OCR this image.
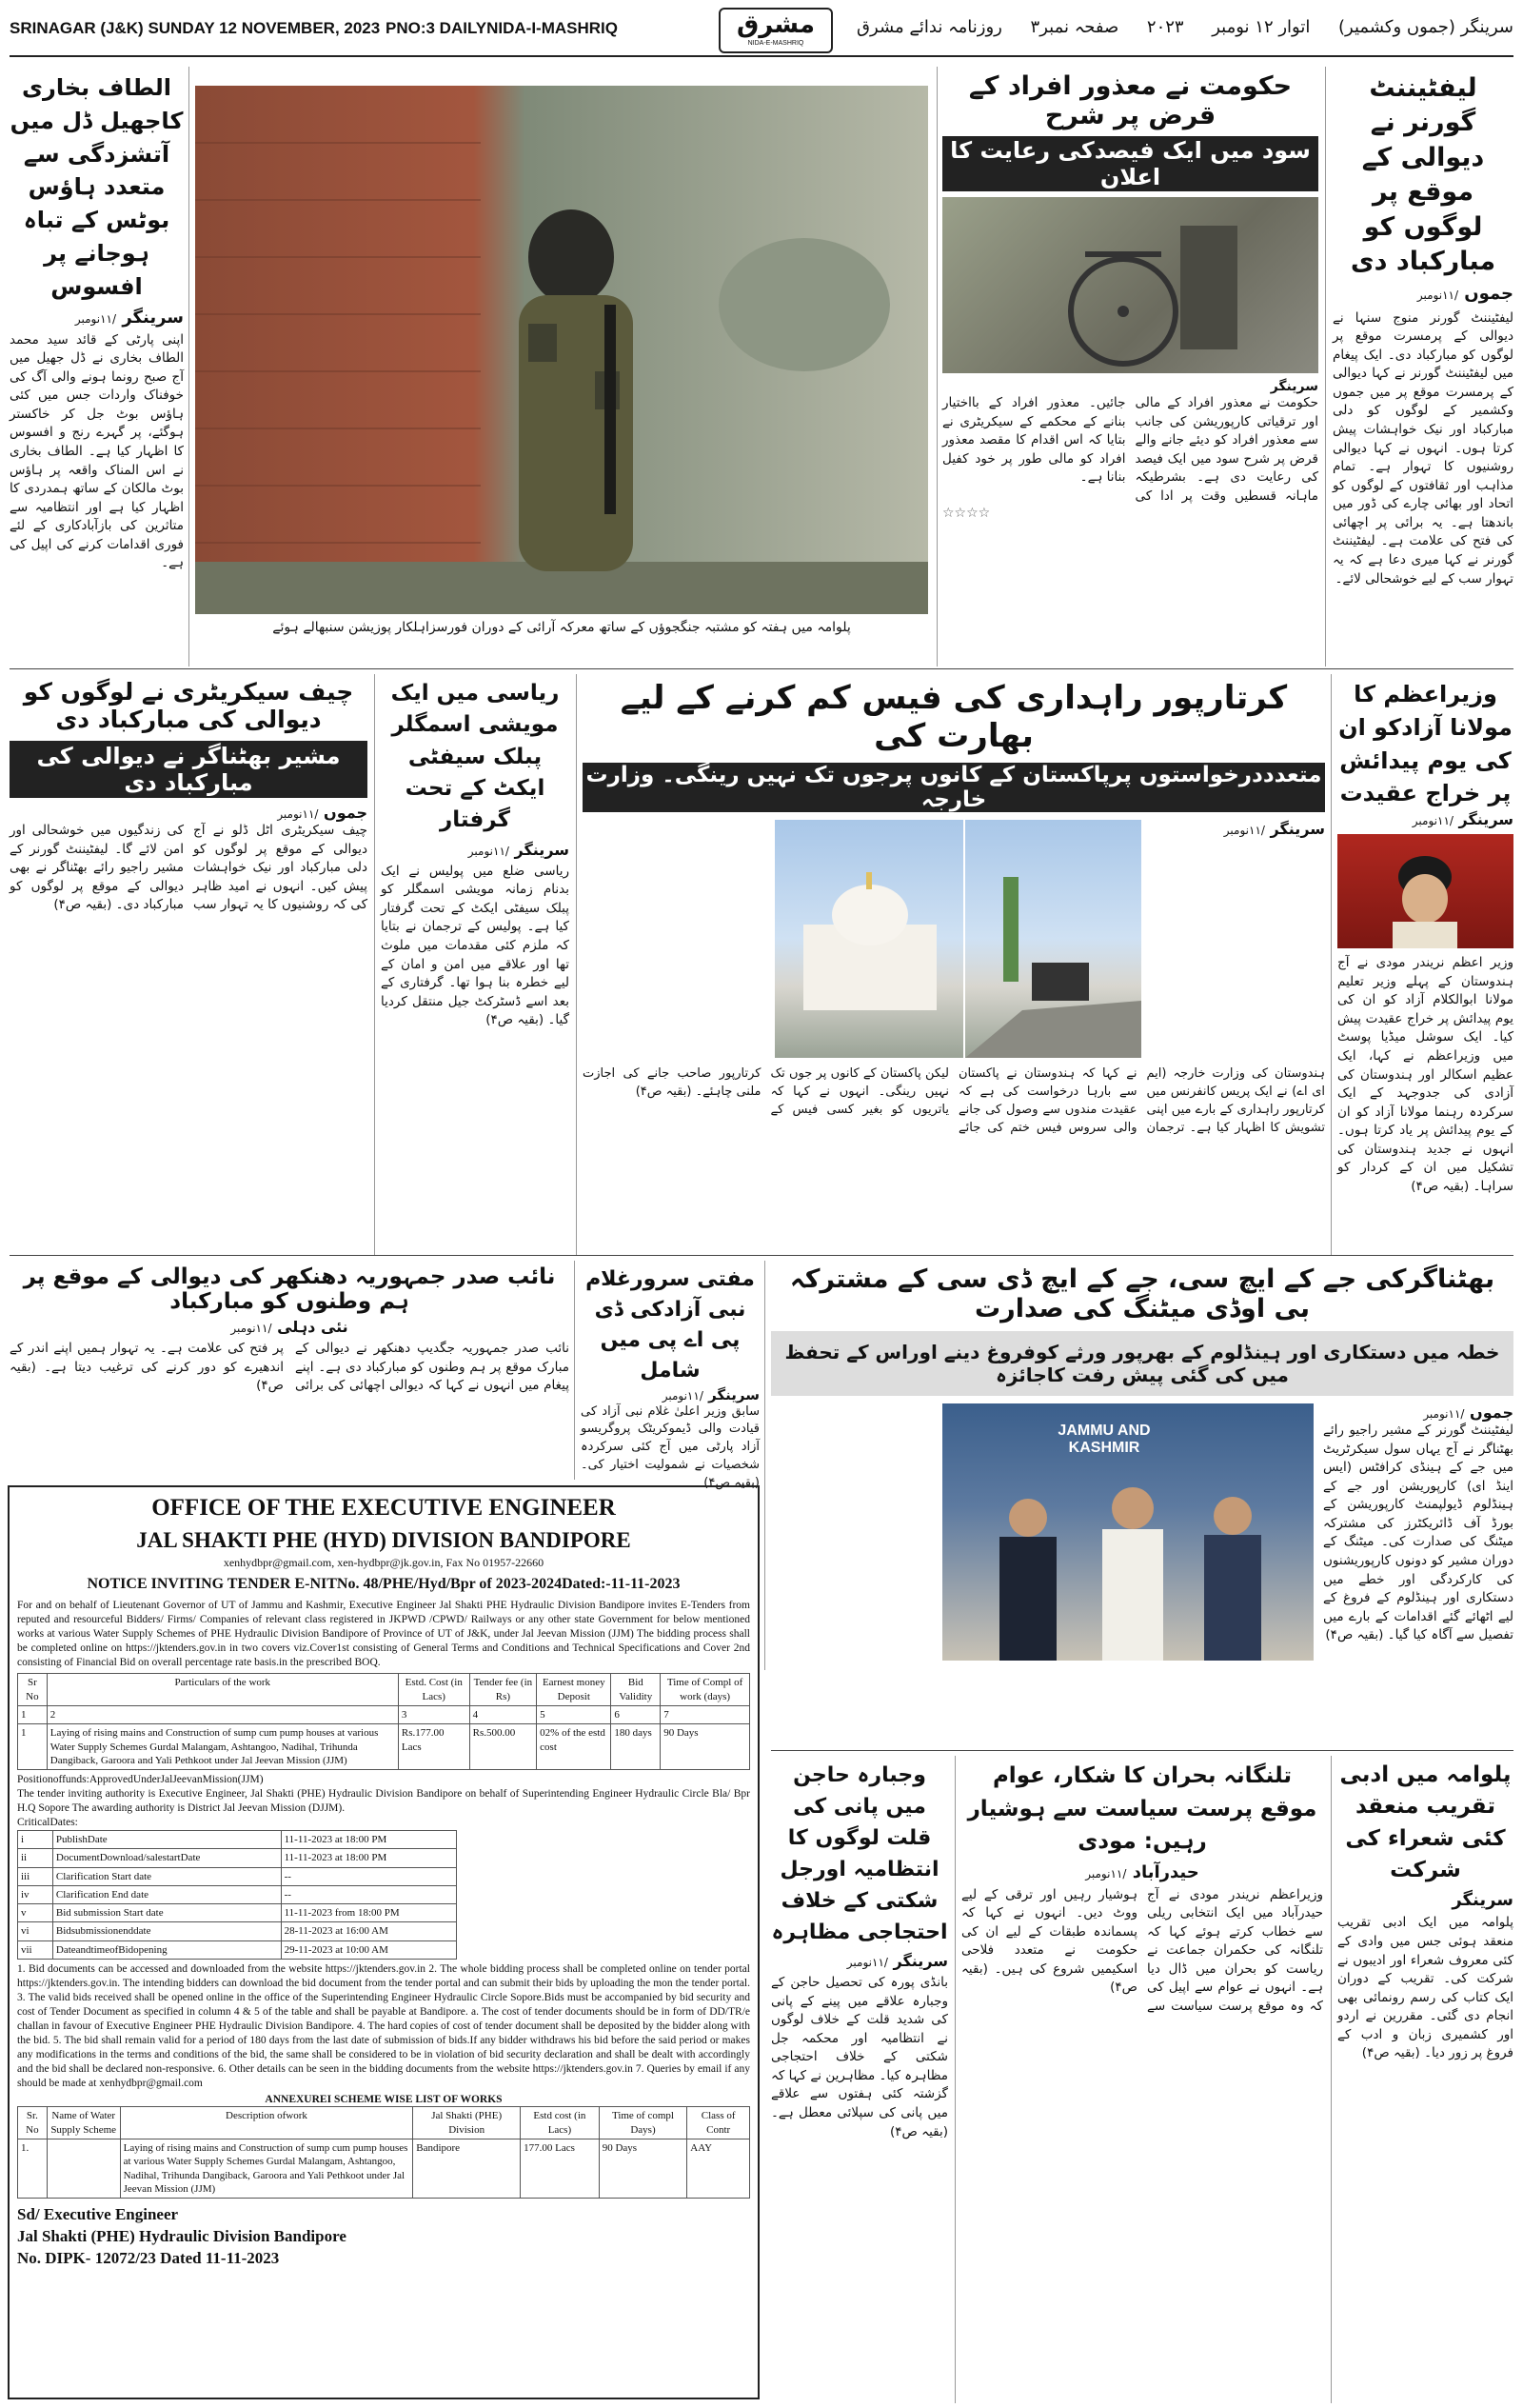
SRINAGAR (J&K) SUNDAY 12 NOVEMBER, 2023 PNO:3 DAILYNIDA-I-MASHRIQ	مشرق
NIDA-E-MASHRIQ
سرینگر (جموں وکشمیر)
اتوار ۱۲ نومبر
۲۰۲۳
صفحہ نمبر۳
روزنامہ ندائے مشرق
لیفٹیننٹ گورنر نے دیوالی کے موقع پر لوگوں کو مبارکباد دی
جموں /۱۱نومبر
لیفٹیننٹ گورنر منوج سنہا نے دیوالی کے پرمسرت موقع پر لوگوں کو مبارکباد دی۔ ایک پیغام میں لیفٹیننٹ گورنر نے کہا دیوالی کے پرمسرت موقع پر میں جموں وکشمیر کے لوگوں کو دلی مبارکباد اور نیک خواہشات پیش کرتا ہوں۔ انہوں نے کہا دیوالی روشنیوں کا تہوار ہے۔ تمام مذاہب اور ثقافتوں کے لوگوں کو اتحاد اور بھائی چارے کی ڈور میں باندھتا ہے۔ یہ برائی پر اچھائی کی فتح کی علامت ہے۔ لیفٹیننٹ گورنر نے کہا میری دعا ہے کہ یہ تہوار سب کے لیے خوشحالی لائے۔
حکومت نے معذور افراد کے قرض پر شرح
سود میں ایک فیصدکی رعایت کا اعلان
سرینگر
حکومت نے معذور افراد کے مالی اور ترقیاتی کارپوریشن کی جانب سے معذور افراد کو دیئے جانے والے قرض پر شرح سود میں ایک فیصد کی رعایت دی ہے۔ بشرطیکہ ماہانہ قسطیں وقت پر ادا کی جائیں۔ معذور افراد کے بااختیار بنانے کے محکمے کے سیکریٹری نے بتایا کہ اس اقدام کا مقصد معذور افراد کو مالی طور پر خود کفیل بنانا ہے۔
☆☆☆☆
پلوامہ میں ہفتہ کو مشتبہ جنگجوؤں کے ساتھ معرکہ آرائی کے دوران فورسزاہلکار پوزیشن سنبھالے ہوئے
الطاف بخاری کاجھیل ڈل میں آتشزدگی سے متعدد ہاؤس بوٹس کے تباہ ہوجانے پر افسوس
سرینگر /۱۱نومبر
اپنی پارٹی کے قائد سید محمد الطاف بخاری نے ڈل جھیل میں آج صبح رونما ہونے والی آگ کی خوفناک واردات جس میں کئی ہاؤس بوٹ جل کر خاکستر ہوگئے، پر گہرے رنج و افسوس کا اظہار کیا ہے۔ الطاف بخاری نے اس المناک واقعہ پر ہاؤس بوٹ مالکان کے ساتھ ہمدردی کا اظہار کیا ہے اور انتظامیہ سے متاثرین کی بازآبادکاری کے لئے فوری اقدامات کرنے کی اپیل کی ہے۔
وزیراعظم کا مولانا آزادکو ان کی یوم پیدائش پر خراج عقیدت
سرینگر /۱۱نومبر
وزیر اعظم نریندر مودی نے آج ہندوستان کے پہلے وزیر تعلیم مولانا ابوالکلام آزاد کو ان کی یوم پیدائش پر خراج عقیدت پیش کیا۔ ایک سوشل میڈیا پوسٹ میں وزیراعظم نے کہا، ایک عظیم اسکالر اور ہندوستان کی آزادی کی جدوجہد کے ایک سرکردہ رہنما مولانا آزاد کو ان کے یوم پیدائش پر یاد کرتا ہوں۔ انہوں نے جدید ہندوستان کی تشکیل میں ان کے کردار کو سراہا۔ (بقیہ ص۴)
کرتارپور راہداری کی فیس کم کرنے کے لیے بھارت کی
متعدددرخواستوں پرپاکستان کے کانوں پرجوں تک نہیں رینگی۔ وزارت خارجہ
سرینگر /۱۱نومبر
ہندوستان کی وزارت خارجہ (ایم ای اے) نے ایک پریس کانفرنس میں کرتارپور راہداری کے بارے میں اپنی تشویش کا اظہار کیا ہے۔ ترجمان نے کہا کہ ہندوستان نے پاکستان سے بارہا درخواست کی ہے کہ عقیدت مندوں سے وصول کی جانے والی سروس فیس ختم کی جائے لیکن پاکستان کے کانوں پر جوں تک نہیں رینگی۔ انہوں نے کہا کہ یاتریوں کو بغیر کسی فیس کے کرتارپور صاحب جانے کی اجازت ملنی چاہئے۔ (بقیہ ص۴)
ریاسی میں ایک مویشی اسمگلر پبلک سیفٹی ایکٹ کے تحت گرفتار
سرینگر /۱۱نومبر
ریاسی ضلع میں پولیس نے ایک بدنام زمانہ مویشی اسمگلر کو پبلک سیفٹی ایکٹ کے تحت گرفتار کیا ہے۔ پولیس کے ترجمان نے بتایا کہ ملزم کئی مقدمات میں ملوث تھا اور علاقے میں امن و امان کے لیے خطرہ بنا ہوا تھا۔ گرفتاری کے بعد اسے ڈسٹرکٹ جیل منتقل کردیا گیا۔ (بقیہ ص۴)
چیف سیکریٹری نے لوگوں کو دیوالی کی مبارکباد دی
مشیر بھٹناگر نے دیوالی کی مبارکباد دی
جموں /۱۱نومبر
چیف سیکریٹری اٹل ڈلو نے آج دیوالی کے موقع پر لوگوں کو دلی مبارکباد اور نیک خواہشات پیش کیں۔ انہوں نے امید ظاہر کی کہ روشنیوں کا یہ تہوار سب کی زندگیوں میں خوشحالی اور امن لائے گا۔ لیفٹیننٹ گورنر کے مشیر راجیو رائے بھٹناگر نے بھی دیوالی کے موقع پر لوگوں کو مبارکباد دی۔ (بقیہ ص۴)
بھٹناگرکی جے کے ایچ سی، جے کے ایچ ڈی سی کے مشترکہ بی اوڈی میٹنگ کی صدارت
خطہ میں دستکاری اور ہینڈلوم کے بھرپور ورثے کوفروغ دینے اوراس کے تحفظ میں کی گئی پیش رفت کاجائزہ
جموں /۱۱نومبر
لیفٹیننٹ گورنر کے مشیر راجیو رائے بھٹناگر نے آج یہاں سول سیکرٹریٹ میں جے کے ہینڈی کرافٹس (ایس اینڈ ای) کارپوریشن اور جے کے ہینڈلوم ڈیولپمنٹ کارپوریشن کے بورڈ آف ڈائریکٹرز کی مشترکہ میٹنگ کی صدارت کی۔ میٹنگ کے دوران مشیر کو دونوں کارپوریشنوں کی کارکردگی اور خطے میں دستکاری اور ہینڈلوم کے فروغ کے لیے اٹھائے گئے اقدامات کے بارے میں تفصیل سے آگاہ کیا گیا۔ (بقیہ ص۴)
JAMMU AND KASHMIR
مفتی سرورغلام نبی آزادکی ڈی پی اے پی میں شامل
سرینگر /۱۱نومبر
سابق وزیر اعلیٰ غلام نبی آزاد کی قیادت والی ڈیموکریٹک پروگریسو آزاد پارٹی میں آج کئی سرکردہ شخصیات نے شمولیت اختیار کی۔ (بقیہ ص۴)
نائب صدر جمہوریہ دھنکھر کی دیوالی کے موقع پر ہم وطنوں کو مبارکباد
نئی دہلی /۱۱نومبر
نائب صدر جمہوریہ جگدیپ دھنکھر نے دیوالی کے مبارک موقع پر ہم وطنوں کو مبارکباد دی ہے۔ اپنے پیغام میں انہوں نے کہا کہ دیوالی اچھائی کی برائی پر فتح کی علامت ہے۔ یہ تہوار ہمیں اپنے اندر کے اندھیرے کو دور کرنے کی ترغیب دیتا ہے۔ (بقیہ ص۴)
OFFICE OF THE EXECUTIVE ENGINEER
JAL SHAKTI PHE (HYD) DIVISION BANDIPORE
xenhydbpr@gmail.com, xen-hydbpr@jk.gov.in, Fax No 01957-22660
NOTICE INVITING TENDER E-NITNo. 48/PHE/Hyd/Bpr of 2023-2024Dated:-11-11-2023
For and on behalf of Lieutenant Governor of UT of Jammu and Kashmir, Executive Engineer Jal Shakti PHE Hydraulic Division Bandipore invites E-Tenders from reputed and resourceful Bidders/ Firms/ Companies of relevant class registered in JKPWD /CPWD/ Railways or any other state Government for below mentioned works at various Water Supply Schemes of PHE Hydraulic Division Bandipore of Province of UT of J&K, under Jal Jeevan Mission (JJM) The bidding process shall be completed online on https://jktenders.gov.in in two covers viz.Cover1st consisting of General Terms and Conditions and Technical Specifications and Cover 2nd consisting of Financial Bid on overall percentage rate basis.in the prescribed BOQ.
Sr No	Particulars of the work	Estd. Cost (in Lacs)	Tender fee (in Rs)	Earnest money Deposit	Bid Validity	Time of Compl of work (days)
1	2	3	4	5	6	7
1	Laying of rising mains and Construction of sump cum pump houses at various Water Supply Schemes Gurdal Malangam, Ashtangoo, Nadihal, Trihunda Dangiback, Garoora and Yali Pethkoot under Jal Jeevan Mission (JJM)	Rs.177.00 Lacs	Rs.500.00	02% of the estd cost	180 days	90 Days
Positionoffunds:ApprovedUnderJalJeevanMission(JJM)
The tender inviting authority is Executive Engineer, Jal Shakti (PHE) Hydraulic Division Bandipore on behalf of Superintending Engineer Hydraulic Circle Bla/ Bpr H.Q Sopore The awarding authority is District Jal Jeevan Mission (DJJM).
CriticalDates:
i	PublishDate	11-11-2023 at 18:00 PM
ii	DocumentDownload/salestartDate	11-11-2023 at 18:00 PM
iii	Clarification Start date	--
iv	Clarification End date	--
v	Bid submission Start date	11-11-2023 from 18:00 PM
vi	Bidsubmissionenddate	28-11-2023 at 16:00 AM
vii	DateandtimeofBidopening	29-11-2023 at 10:00 AM
1. Bid documents can be accessed and downloaded from the website https://jktenders.gov.in 2. The whole bidding process shall be completed online on tender portal https://jktenders.gov.in. The intending bidders can download the bid document from the tender portal and can submit their bids by uploading the mon the tender portal. 3. The valid bids received shall be opened online in the office of the Superintending Engineer Hydraulic Circle Sopore.Bids must be accompanied by bid security and cost of Tender Document as specified in column 4 & 5 of the table and shall be payable at Bandipore. a. The cost of tender documents should be in form of DD/TR/e challan in favour of Executive Engineer PHE Hydraulic Division Bandipore. 4. The hard copies of cost of tender document shall be deposited by the bidder along with the bid. 5. The bid shall remain valid for a period of 180 days from the last date of submission of bids.If any bidder withdraws his bid before the said period or makes any modifications in the terms and conditions of the bid, the same shall be considered to be in violation of bid security declaration and shall be dealt with accordingly and the bid shall be declared non-responsive. 6. Other details can be seen in the bidding documents from the website https://jktenders.gov.in 7. Queries by email if any should be made at xenhydbpr@gmail.com
ANNEXUREI SCHEME WISE LIST OF WORKS
Sr. No	Name of Water Supply Scheme	Description ofwork	Jal Shakti (PHE) Division	Estd cost (in Lacs)	Time of compl Days)	Class of Contr
1.		Laying of rising mains and Construction of sump cum pump houses at various Water Supply Schemes Gurdal Malangam, Ashtangoo, Nadihal, Trihunda Dangiback, Garoora and Yali Pethkoot under Jal Jeevan Mission (JJM)	Bandipore	177.00 Lacs	90 Days	AAY
Sd/ Executive Engineer
Jal Shakti (PHE) Hydraulic Division Bandipore
No. DIPK- 12072/23 Dated 11-11-2023
پلوامہ میں ادبی تقریب منعقد کئی شعراء کی شرکت
سرینگر
پلوامہ میں ایک ادبی تقریب منعقد ہوئی جس میں وادی کے کئی معروف شعراء اور ادیبوں نے شرکت کی۔ تقریب کے دوران ایک کتاب کی رسم رونمائی بھی انجام دی گئی۔ مقررین نے اردو اور کشمیری زبان و ادب کے فروغ پر زور دیا۔ (بقیہ ص۴)
تلنگانہ بحران کا شکار، عوام موقع پرست سیاست سے ہوشیار رہیں: مودی
حیدرآباد /۱۱نومبر
وزیراعظم نریندر مودی نے آج حیدرآباد میں ایک انتخابی ریلی سے خطاب کرتے ہوئے کہا کہ تلنگانہ کی حکمران جماعت نے ریاست کو بحران میں ڈال دیا ہے۔ انہوں نے عوام سے اپیل کی کہ وہ موقع پرست سیاست سے ہوشیار رہیں اور ترقی کے لیے ووٹ دیں۔ انہوں نے کہا کہ پسماندہ طبقات کے لیے ان کی حکومت نے متعدد فلاحی اسکیمیں شروع کی ہیں۔ (بقیہ ص۴)
وجبارہ حاجن میں پانی کی قلت لوگوں کا انتظامیہ اورجل شکتی کے خلاف احتجاجی مظاہرہ
سرینگر /۱۱نومبر
بانڈی پورہ کی تحصیل حاجن کے وجبارہ علاقے میں پینے کے پانی کی شدید قلت کے خلاف لوگوں نے انتظامیہ اور محکمہ جل شکتی کے خلاف احتجاجی مظاہرہ کیا۔ مظاہرین نے کہا کہ گزشتہ کئی ہفتوں سے علاقے میں پانی کی سپلائی معطل ہے۔ (بقیہ ص۴)
